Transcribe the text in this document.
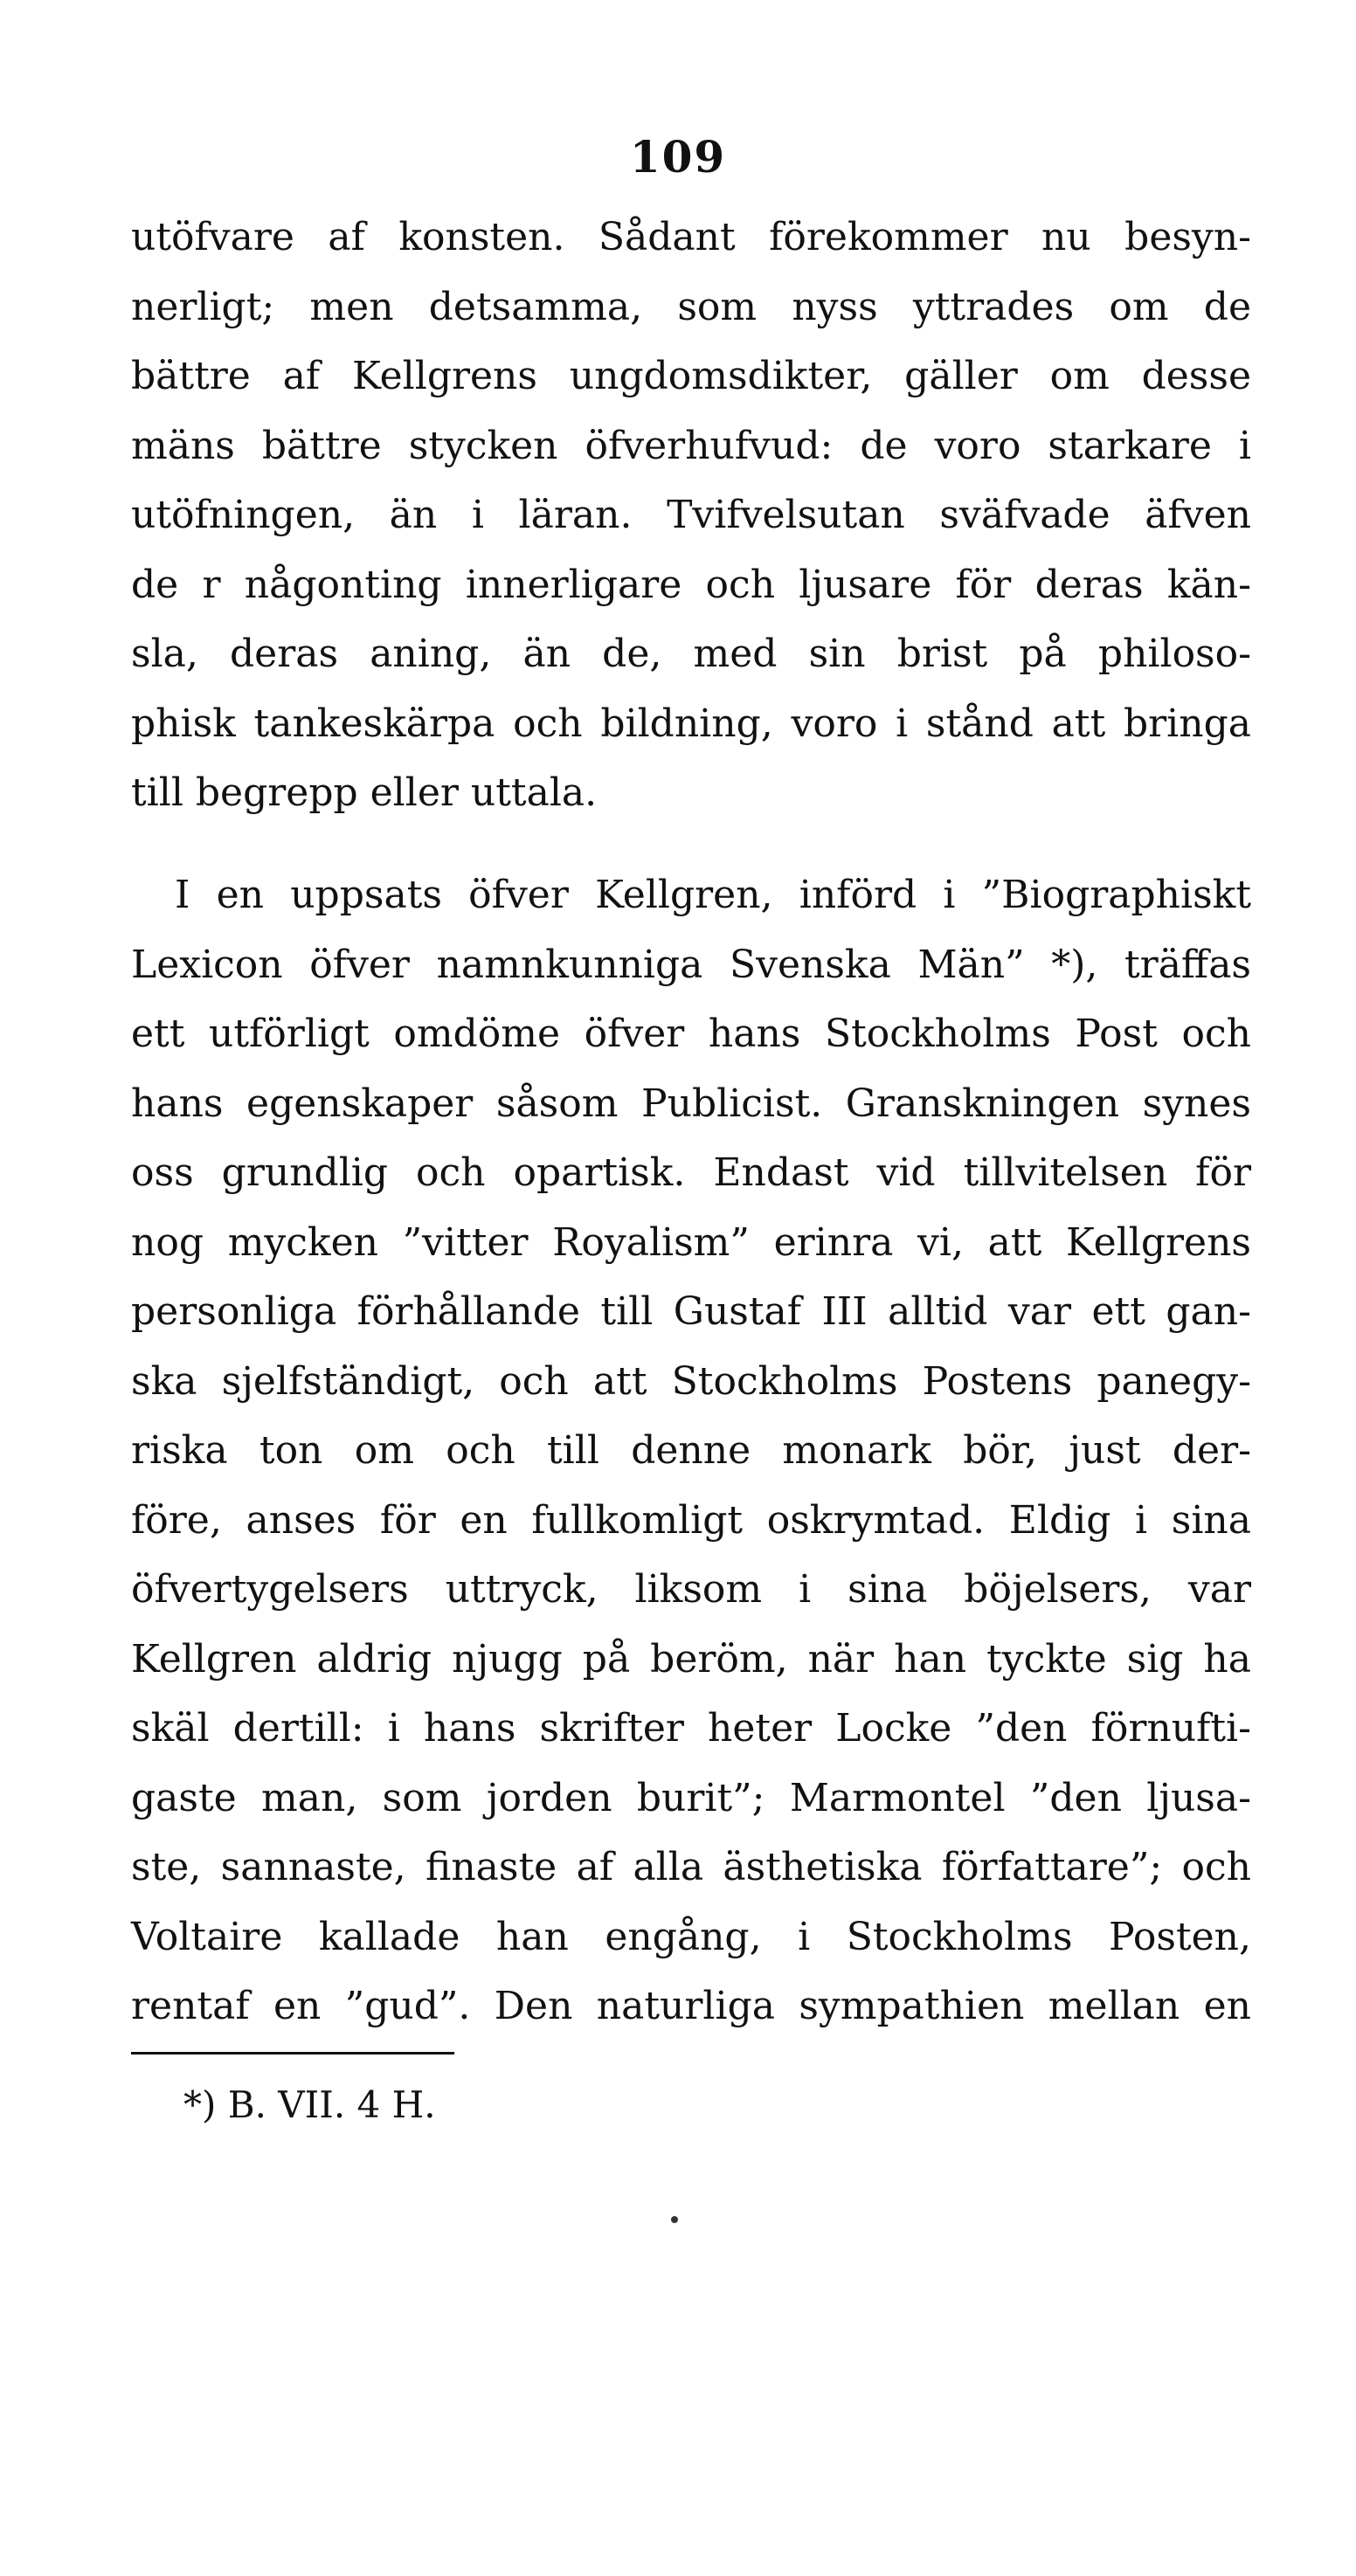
109
utöfvare af konsten. Sådant förekommer nu besyn-
nerligt; men detsamma, som nyss yttrades om de
bättre af Kellgrens ungdomsdikter, gäller om desse
mäns bättre stycken öfverhufvud: de voro starkare i
utöfningen, än i läran. Tvifvelsutan sväfvade äfven
de r någonting innerligare och ljusare för deras kän-
sla, deras aning, än de, med sin brist på philoso-
phisk tankeskärpa och bildning, voro i stånd att bringa
till begrepp eller uttala.
I en uppsats öfver Kellgren, införd i ”Biographiskt
Lexicon öfver namnkunniga Svenska Män” *), träffas
ett utförligt omdöme öfver hans Stockholms Post och
hans egenskaper såsom Publicist. Granskningen synes
oss grundlig och opartisk. Endast vid tillvitelsen för
nog mycken ”vitter Royalism” erinra vi, att Kellgrens
personliga förhållande till Gustaf III alltid var ett gan-
ska sjelfständigt, och att Stockholms Postens panegy-
riska ton om och till denne monark bör, just der-
före, anses för en fullkomligt oskrymtad. Eldig i sina
öfvertygelsers uttryck, liksom i sina böjelsers, var
Kellgren aldrig njugg på beröm, när han tyckte sig ha
skäl dertill: i hans skrifter heter Locke ”den förnufti-
gaste man, som jorden burit”; Marmontel ”den ljusa-
ste, sannaste, finaste af alla ästhetiska författare”; och
Voltaire kallade han engång, i Stockholms Posten,
rentaf en ”gud”. Den naturliga sympathien mellan en
*) B. VII. 4 H.
